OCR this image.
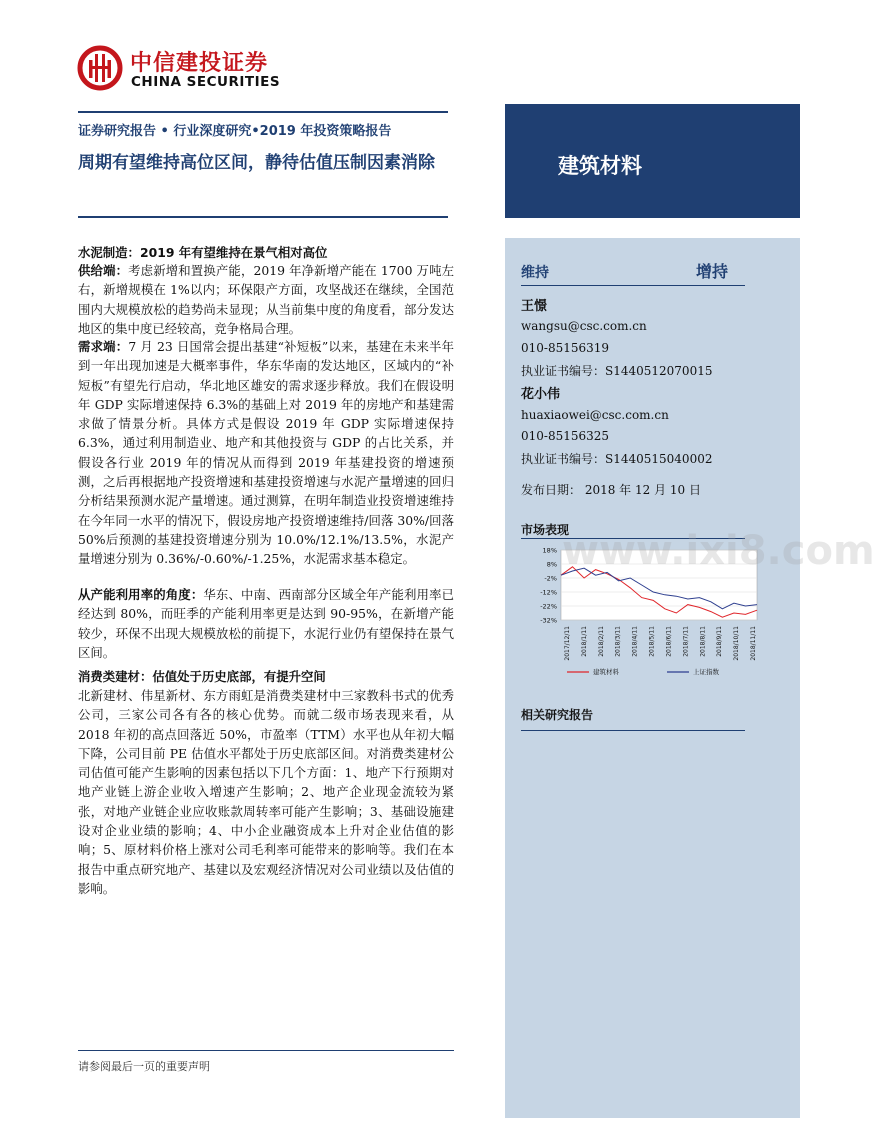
中信建投证券
CHINA SECURITIES
证券研究报告 • 行业深度研究•2019 年投资策略报告
周期有望维持高位区间，静待估值压制因素消除	建筑材料
维持	增持
王憬
wangsu@csc.com.cn
010-85156319
执业证书编号：S1440512070015
花小伟
huaxiaowei@csc.com.cn
010-85156325
执业证书编号：S1440515040002
发布日期： 2018 年 12 月 10 日
市场表现
18%
8%
-2%
-12%
-22%
-32%
2017/12/11 2018/1/11 2018/2/11 2018/3/11 2018/4/11 2018/5/11 2018/6/11 2018/7/11 2018/8/11 2018/9/11 2018/10/11 2018/11/11
建筑材料	上证指数
www.ixi8.com
相关研究报告
水泥制造：2019 年有望维持在景气相对高位
供给端：考虑新增和置换产能，2019 年净新增产能在 1700 万吨左右，新增规模在 1%以内；环保限产方面，攻坚战还在继续，全国范围内大规模放松的趋势尚未显现；从当前集中度的角度看，部分发达地区的集中度已经较高，竞争格局合理。
需求端：7 月 23 日国常会提出基建“补短板”以来，基建在未来半年到一年出现加速是大概率事件，华东华南的发达地区，区域内的“补短板”有望先行启动，华北地区雄安的需求逐步释放。我们在假设明年 GDP 实际增速保持 6.3%的基础上对 2019 年的房地产和基建需求做了情景分析。具体方式是假设 2019 年 GDP 实际增速保持 6.3%，通过利用制造业、地产和其他投资与 GDP 的占比关系，并假设各行业 2019 年的情况从而得到 2019 年基建投资的增速预测，之后再根据地产投资增速和基建投资增速与水泥产量增速的回归分析结果预测水泥产量增速。通过测算，在明年制造业投资增速维持在今年同一水平的情况下，假设房地产投资增速维持/回落 30%/回落 50%后预测的基建投资增速分别为 10.0%/12.1%/13.5%，水泥产量增速分别为 0.36%/-0.60%/-1.25%，水泥需求基本稳定。
从产能利用率的角度：华东、中南、西南部分区域全年产能利用率已经达到 80%，而旺季的产能利用率更是达到 90-95%，在新增产能较少，环保不出现大规模放松的前提下，水泥行业仍有望保持在景气区间。
消费类建材：估值处于历史底部，有提升空间
北新建材、伟星新材、东方雨虹是消费类建材中三家教科书式的优秀公司，三家公司各有各的核心优势。而就二级市场表现来看，从 2018 年初的高点回落近 50%，市盈率（TTM）水平也从年初大幅下降，公司目前 PE 估值水平都处于历史底部区间。对消费类建材公司估值可能产生影响的因素包括以下几个方面：1、地产下行预期对地产业链上游企业收入增速产生影响；2、地产企业现金流较为紧张，对地产业链企业应收账款周转率可能产生影响；3、基础设施建设对企业业绩的影响；4、中小企业融资成本上升对企业估值的影响；5、原材料价格上涨对公司毛利率可能带来的影响等。我们在本报告中重点研究地产、基建以及宏观经济情况对公司业绩以及估值的影响。
请参阅最后一页的重要声明
